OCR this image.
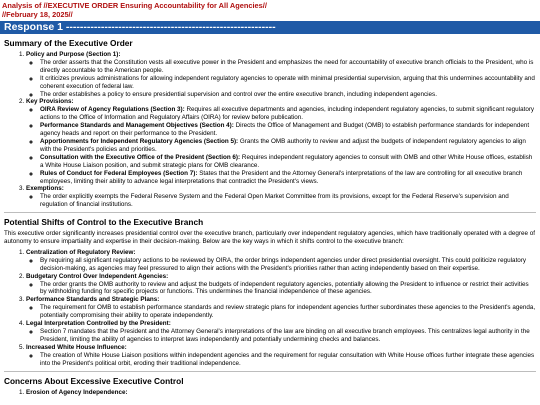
Analysis of //EXECUTIVE ORDER Ensuring Accountability for All Agencies//
//February 18, 2025//
Response 1 ------------------------------------------------------------
Summary of the Executive Order
1. Policy and Purpose (Section 1):
◦ The order asserts that the Constitution vests all executive power in the President and emphasizes the need for accountability of executive branch officials to the President, who is directly accountable to the American people.
◦ It criticizes previous administrations for allowing independent regulatory agencies to operate with minimal presidential supervision, arguing that this undermines accountability and coherent execution of federal law.
◦ The order establishes a policy to ensure presidential supervision and control over the entire executive branch, including independent agencies.
2. Key Provisions:
◦ OIRA Review of Agency Regulations (Section 3): Requires all executive departments and agencies, including independent regulatory agencies, to submit significant regulatory actions to the Office of Information and Regulatory Affairs (OIRA) for review before publication.
◦ Performance Standards and Management Objectives (Section 4): Directs the Office of Management and Budget (OMB) to establish performance standards for independent agency heads and report on their performance to the President.
◦ Apportionments for Independent Regulatory Agencies (Section 5): Grants the OMB authority to review and adjust the budgets of independent regulatory agencies to align with the President's policies and priorities.
◦ Consultation with the Executive Office of the President (Section 6): Requires independent regulatory agencies to consult with OMB and other White House offices, establish a White House Liaison position, and submit strategic plans for OMB clearance.
◦ Rules of Conduct for Federal Employees (Section 7): States that the President and the Attorney General's interpretations of the law are controlling for all executive branch employees, limiting their ability to advance legal interpretations that contradict the President's views.
3. Exemptions:
◦ The order explicitly exempts the Federal Reserve System and the Federal Open Market Committee from its provisions, except for the Federal Reserve's supervision and regulation of financial institutions.
Potential Shifts of Control to the Executive Branch

This executive order significantly increases presidential control over the executive branch, particularly over independent regulatory agencies, which have traditionally operated with a degree of autonomy to ensure impartiality and expertise in their decision-making. Below are the key ways in which it shifts control to the executive branch:

1. Centralization of Regulatory Review:
◦ By requiring all significant regulatory actions to be reviewed by OIRA, the order brings independent agencies under direct presidential oversight. This could politicize regulatory decision-making, as agencies may feel pressured to align their actions with the President's priorities rather than acting independently based on their expertise.
2. Budgetary Control Over Independent Agencies:
◦ The order grants the OMB authority to review and adjust the budgets of independent regulatory agencies, potentially allowing the President to influence or restrict their activities by withholding funding for specific projects or functions. This undermines the financial independence of these agencies.
3. Performance Standards and Strategic Plans:
◦ The requirement for OMB to establish performance standards and review strategic plans for independent agencies further subordinates these agencies to the President's agenda, potentially compromising their ability to operate independently.
4. Legal Interpretation Controlled by the President:
◦ Section 7 mandates that the President and the Attorney General's interpretations of the law are binding on all executive branch employees. This centralizes legal authority in the President, limiting the ability of agencies to interpret laws independently and potentially undermining checks and balances.
5. Increased White House Influence:
◦ The creation of White House Liaison positions within independent agencies and the requirement for regular consultation with White House offices further integrate these agencies into the President's political orbit, eroding their traditional independence.
Concerns About Excessive Executive Control
1. Erosion of Agency Independence:
